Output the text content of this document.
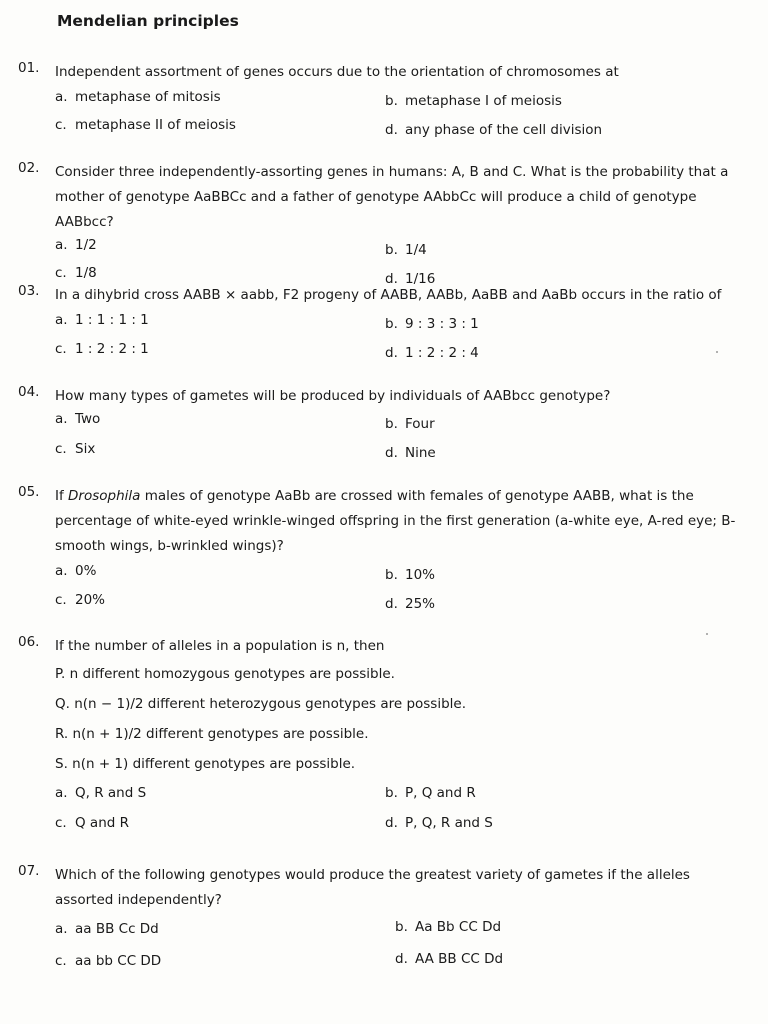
Mendelian principles
01. Independent assortment of genes occurs due to the orientation of chromosomes at
a. metaphase of mitosis	b. metaphase I of meiosis
c. metaphase II of meiosis	d. any phase of the cell division
02. Consider three independently-assorting genes in humans: A, B and C. What is the probability that a mother of genotype AaBBCc and a father of genotype AAbbCc will produce a child of genotype AABbcc?
a. 1/2	b. 1/4
c. 1/8	d. 1/16
03. In a dihybrid cross AABB × aabb, F2 progeny of AABB, AABb, AaBB and AaBb occurs in the ratio of
a. 1 : 1 : 1 : 1	b. 9 : 3 : 3 : 1
c. 1 : 2 : 2 : 1	d. 1 : 2 : 2 : 4
04. How many types of gametes will be produced by individuals of AABbcc genotype?
a. Two	b. Four
c. Six	d. Nine
05. If Drosophila males of genotype AaBb are crossed with females of genotype AABB, what is the percentage of white-eyed wrinkle-winged offspring in the first generation (a-white eye, A-red eye; B-smooth wings, b-wrinkled wings)?
a. 0%	b. 10%
c. 20%	d. 25%
06. If the number of alleles in a population is n, then
P. n different homozygous genotypes are possible.
Q. n(n − 1)/2 different heterozygous genotypes are possible.
R. n(n + 1)/2 different genotypes are possible.
S. n(n + 1) different genotypes are possible.
a. Q, R and S	b. P, Q and R
c. Q and R	d. P, Q, R and S
07. Which of the following genotypes would produce the greatest variety of gametes if the alleles assorted independently?
a. aa BB Cc Dd	b. Aa Bb CC Dd
c. aa bb CC DD	d. AA BB CC Dd
